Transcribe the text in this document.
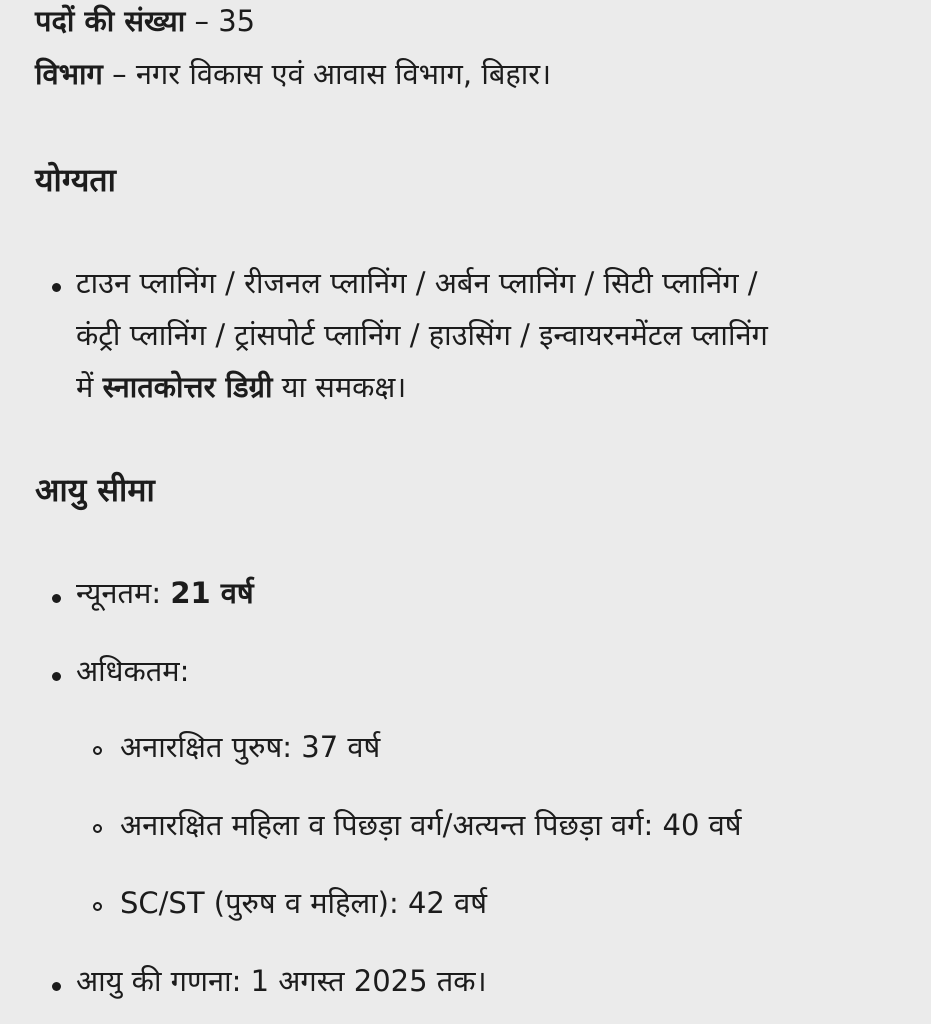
पदों की संख्या – 35
विभाग – नगर विकास एवं आवास विभाग, बिहार।
योग्यता
टाउन प्लानिंग / रीजनल प्लानिंग / अर्बन प्लानिंग / सिटी प्लानिंग /
कंट्री प्लानिंग / ट्रांसपोर्ट प्लानिंग / हाउसिंग / इन्वायरनमेंटल प्लानिंग
में स्नातकोत्तर डिग्री या समकक्ष।
आयु सीमा
न्यूनतम: 21 वर्ष
अधिकतम:
अनारक्षित पुरुष: 37 वर्ष
अनारक्षित महिला व पिछड़ा वर्ग/अत्यन्त पिछड़ा वर्ग: 40 वर्ष
SC/ST (पुरुष व महिला): 42 वर्ष
आयु की गणना: 1 अगस्त 2025 तक।
